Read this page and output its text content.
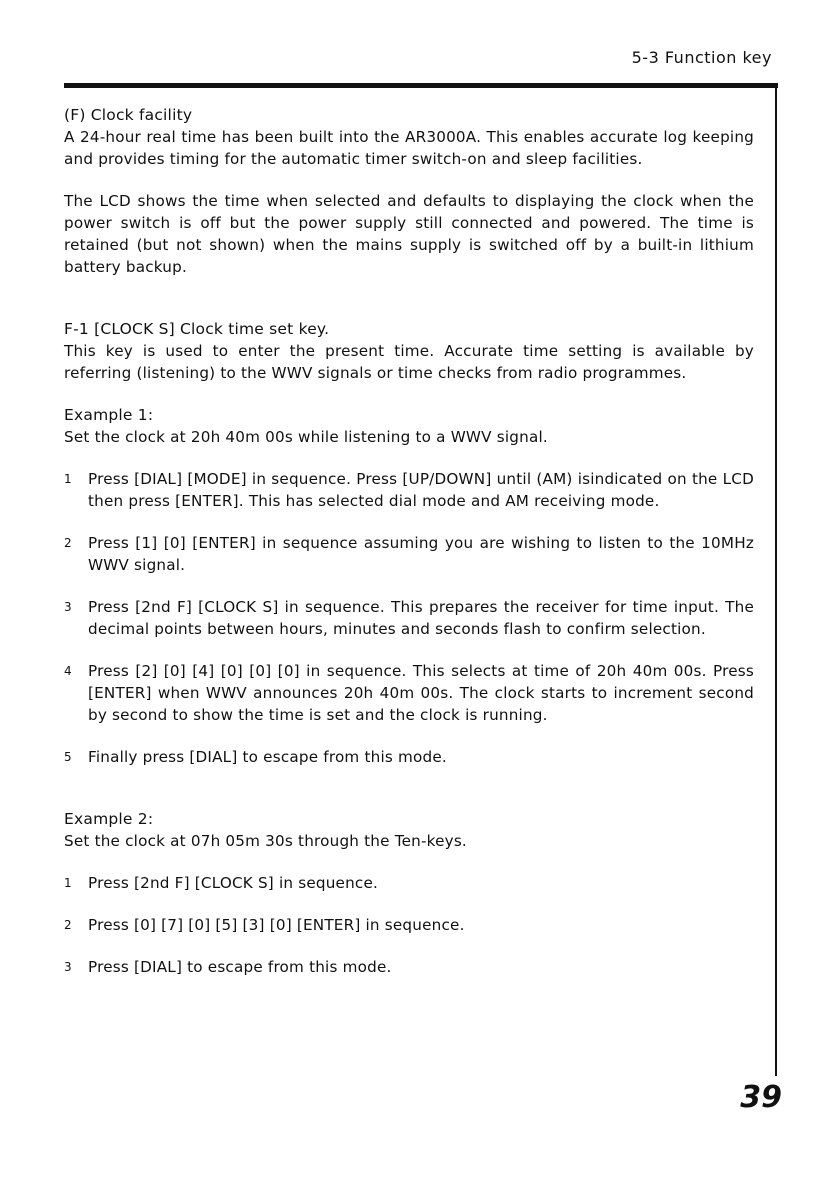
5-3 Function key

(F) Clock facility

A 24-hour real time has been built into the AR3000A. This enables accurate log keeping and provides timing for the automatic timer switch-on and sleep facilities.

The LCD shows the time when selected and defaults to displaying the clock when the power switch is off but the power supply still connected and powered. The time is retained (but not shown) when the mains supply is switched off by a built-in lithium battery backup.

F-1 [CLOCK S] Clock time set key.

This key is used to enter the present time. Accurate time setting is available by referring (listening) to the WWV signals or time checks from radio programmes.

Example 1:

Set the clock at 20h 40m 00s while listening to a WWV signal.

1	Press [DIAL] [MODE] in sequence. Press [UP/DOWN] until (AM) isindicated on the LCD then press [ENTER]. This has selected dial mode and AM receiving mode.
2	Press [1] [0] [ENTER] in sequence assuming you are wishing to listen to the 10MHz WWV signal.
3	Press [2nd F] [CLOCK S] in sequence. This prepares the receiver for time input. The decimal points between hours, minutes and seconds flash to confirm selection.
4	Press [2] [0] [4] [0] [0] [0] in sequence. This selects at time of 20h 40m 00s. Press [ENTER] when WWV announces 20h 40m 00s. The clock starts to increment second by second to show the time is set and the clock is running.
5	Finally press [DIAL] to escape from this mode.

Example 2:

Set the clock at 07h 05m 30s through the Ten-keys.

1	Press [2nd F] [CLOCK S] in sequence.
2	Press [0] [7] [0] [5] [3] [0] [ENTER] in sequence.
3	Press [DIAL] to escape from this mode.
39
